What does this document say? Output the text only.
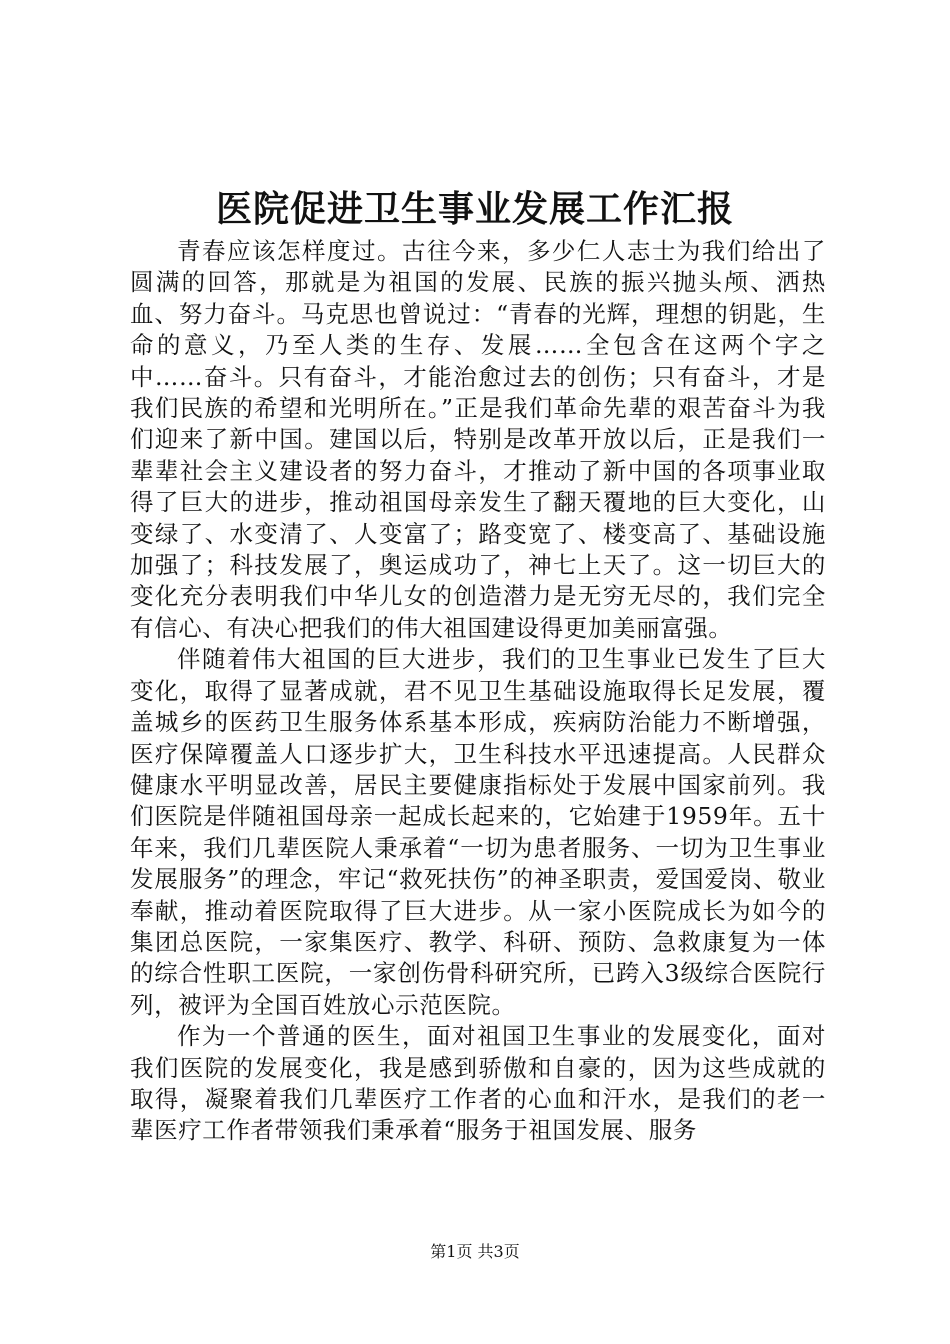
医院促进卫生事业发展工作汇报

青春应该怎样度过。古往今来，多少仁人志士为我们给出了圆满的回答，那就是为祖国的发展、民族的振兴抛头颅、洒热血、努力奋斗。马克思也曾说过：“青春的光辉，理想的钥匙，生命的意义，乃至人类的生存、发展……全包含在这两个字之中……奋斗。只有奋斗，才能治愈过去的创伤；只有奋斗，才是我们民族的希望和光明所在。”正是我们革命先辈的艰苦奋斗为我们迎来了新中国。建国以后，特别是改革开放以后，正是我们一辈辈社会主义建设者的努力奋斗，才推动了新中国的各项事业取得了巨大的进步，推动祖国母亲发生了翻天覆地的巨大变化，山变绿了、水变清了、人变富了；路变宽了、楼变高了、基础设施加强了；科技发展了，奥运成功了，神七上天了。这一切巨大的变化充分表明我们中华儿女的创造潜力是无穷无尽的，我们完全有信心、有决心把我们的伟大祖国建设得更加美丽富强。

伴随着伟大祖国的巨大进步，我们的卫生事业已发生了巨大变化，取得了显著成就，君不见卫生基础设施取得长足发展，覆盖城乡的医药卫生服务体系基本形成，疾病防治能力不断增强，医疗保障覆盖人口逐步扩大，卫生科技水平迅速提高。人民群众健康水平明显改善，居民主要健康指标处于发展中国家前列。我们医院是伴随祖国母亲一起成长起来的，它始建于1959年。五十年来，我们几辈医院人秉承着“一切为患者服务、一切为卫生事业发展服务”的理念，牢记“救死扶伤”的神圣职责，爱国爱岗、敬业奉献，推动着医院取得了巨大进步。从一家小医院成长为如今的集团总医院，一家集医疗、教学、科研、预防、急救康复为一体的综合性职工医院，一家创伤骨科研究所，已跨入3级综合医院行列，被评为全国百姓放心示范医院。

作为一个普通的医生，面对祖国卫生事业的发展变化，面对我们医院的发展变化，我是感到骄傲和自豪的，因为这些成就的取得，凝聚着我们几辈医疗工作者的心血和汗水，是我们的老一辈医疗工作者带领我们秉承着“服务于祖国发展、服务

第1页 共3页
